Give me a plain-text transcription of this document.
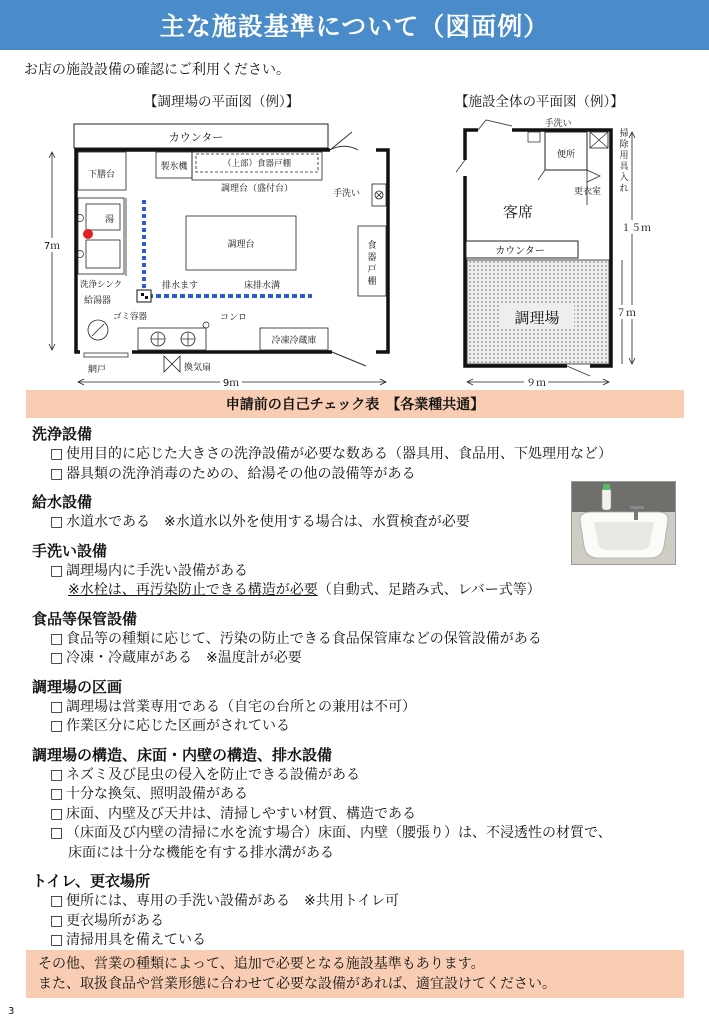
主な施設基準について（図面例）
お店の施設設備の確認にご利用ください。
【調理場の平面図（例）】	【施設全体の平面図（例）】
カウンター
網戸
下膳台
製氷機	（上部）食器戸棚
調理台（盛付台）	手洗い
湯
洗浄シンク	排水ます	床排水溝
調理台	食器戸棚
給湯器
ゴミ容器	コンロ
換気扇
冷凍冷蔵庫
7ｍ
9ｍ
手洗い
便所
掃除用具入れ
更衣室
客席
カウンター
調理場
１５ｍ
７ｍ
９ｍ
申請前の自己チェック表　【各業種共通】
洗浄設備
□ 使用目的に応じた大きさの洗浄設備が必要な数ある（器具用、食品用、下処理用など）
□ 器具類の洗浄消毒のための、給湯その他の設備等がある
給水設備
□ 水道水である　※水道水以外を使用する場合は、水質検査が必要
手洗い設備
□ 調理場内に手洗い設備がある
※水栓は、再汚染防止できる構造が必要（自動式、足踏み式、レバー式等）
食品等保管設備
□ 食品等の種類に応じて、汚染の防止できる食品保管庫などの保管設備がある
□ 冷凍・冷蔵庫がある　※温度計が必要
調理場の区画
□ 調理場は営業専用である（自宅の台所との兼用は不可）
□ 作業区分に応じた区画がされている
調理場の構造、床面・内壁の構造、排水設備
□ ネズミ及び昆虫の侵入を防止できる設備がある
□ 十分な換気、照明設備がある
□ 床面、内壁及び天井は、清掃しやすい材質、構造である
□ （床面及び内壁の清掃に水を流す場合）床面、内壁（腰張り）は、不浸透性の材質で、
床面には十分な機能を有する排水溝がある
トイレ、更衣場所
□ 便所には、専用の手洗い設備がある　※共用トイレ可
□ 更衣場所がある
□ 清掃用具を備えている
その他、営業の種類によって、追加で必要となる施設基準もあります。
また、取扱食品や営業形態に合わせて必要な設備があれば、適宜設けてください。
3
